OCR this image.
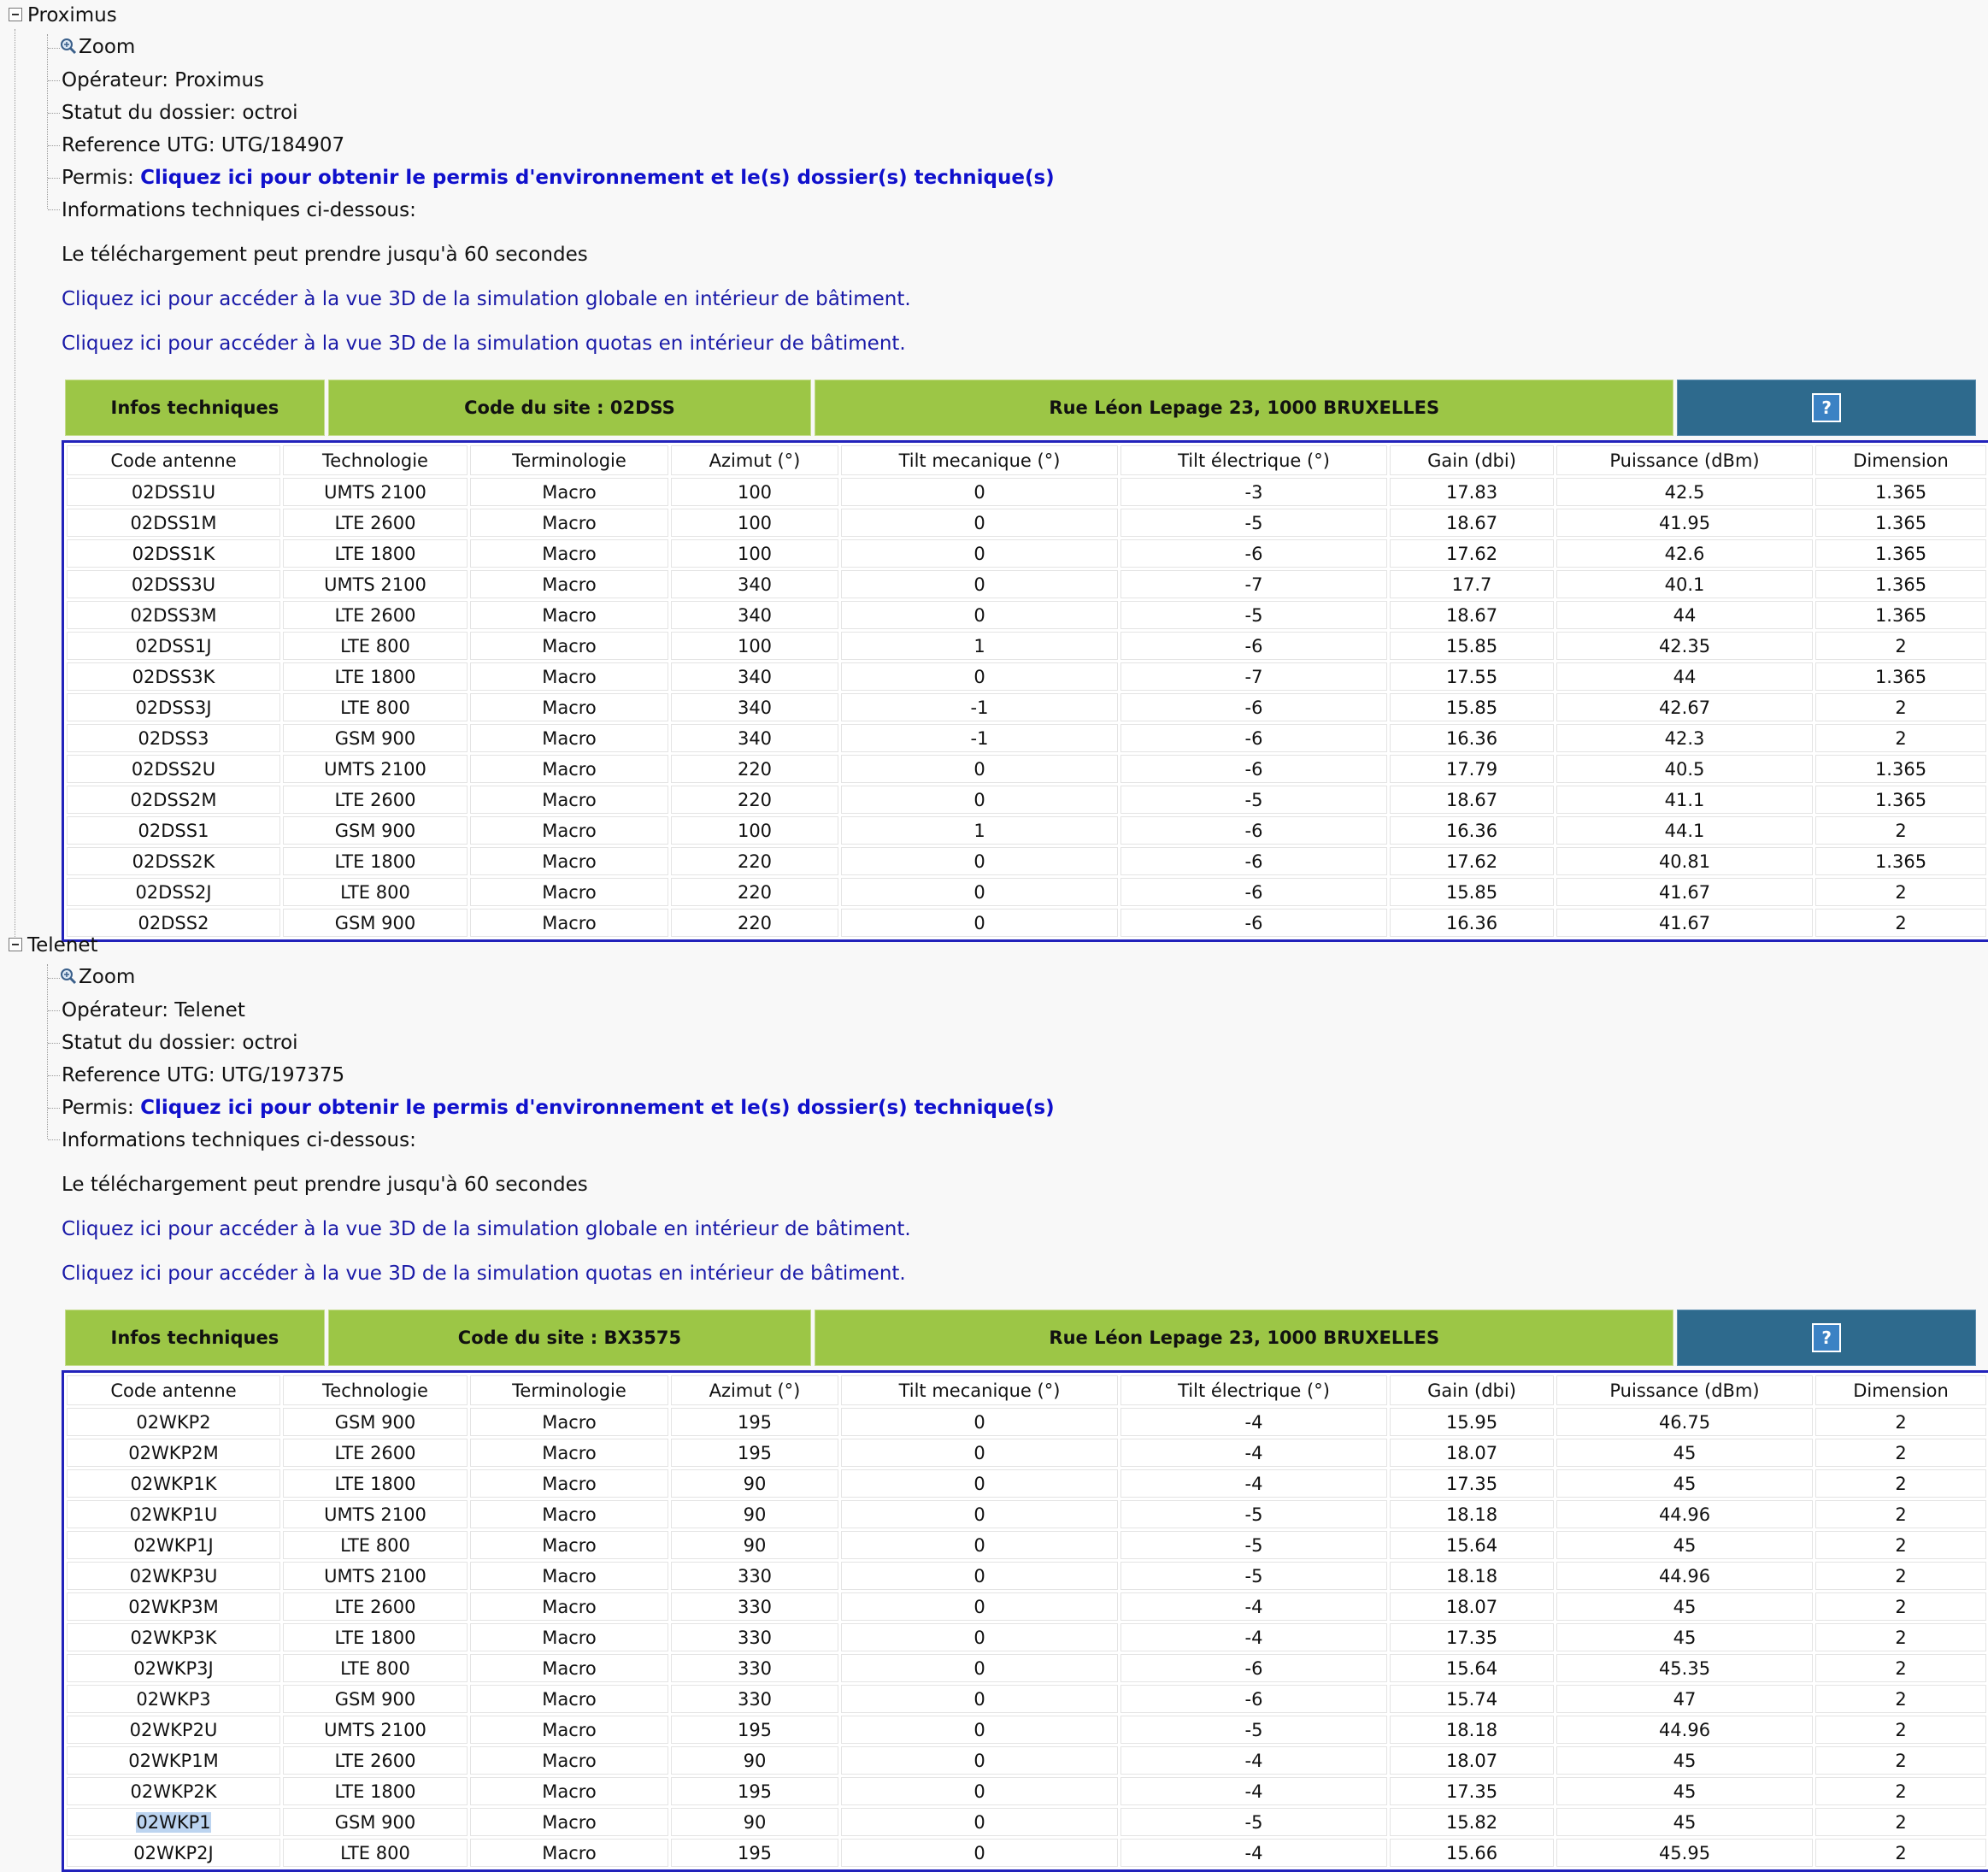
Proximus
Zoom
Opérateur: Proximus
Statut du dossier: octroi
Reference UTG: UTG/184907
Permis: Cliquez ici pour obtenir le permis d'environnement et le(s) dossier(s) technique(s)
Informations techniques ci-dessous:
Le téléchargement peut prendre jusqu'à 60 secondes
Cliquez ici pour accéder à la vue 3D de la simulation globale en intérieur de bâtiment.
Cliquez ici pour accéder à la vue 3D de la simulation quotas en intérieur de bâtiment.
Infos techniques	Code du site : 02DSS	Rue Léon Lepage 23, 1000 BRUXELLES	?
Code antenne	Technologie	Terminologie	Azimut (°)	Tilt mecanique (°)	Tilt électrique (°)	Gain (dbi)	Puissance (dBm)	Dimension
02DSS1U	UMTS 2100	Macro	100	0	-3	17.83	42.5	1.365
02DSS1M	LTE 2600	Macro	100	0	-5	18.67	41.95	1.365
02DSS1K	LTE 1800	Macro	100	0	-6	17.62	42.6	1.365
02DSS3U	UMTS 2100	Macro	340	0	-7	17.7	40.1	1.365
02DSS3M	LTE 2600	Macro	340	0	-5	18.67	44	1.365
02DSS1J	LTE 800	Macro	100	1	-6	15.85	42.35	2
02DSS3K	LTE 1800	Macro	340	0	-7	17.55	44	1.365
02DSS3J	LTE 800	Macro	340	-1	-6	15.85	42.67	2
02DSS3	GSM 900	Macro	340	-1	-6	16.36	42.3	2
02DSS2U	UMTS 2100	Macro	220	0	-6	17.79	40.5	1.365
02DSS2M	LTE 2600	Macro	220	0	-5	18.67	41.1	1.365
02DSS1	GSM 900	Macro	100	1	-6	16.36	44.1	2
02DSS2K	LTE 1800	Macro	220	0	-6	17.62	40.81	1.365
02DSS2J	LTE 800	Macro	220	0	-6	15.85	41.67	2
02DSS2	GSM 900	Macro	220	0	-6	16.36	41.67	2
Telenet
Zoom
Opérateur: Telenet
Statut du dossier: octroi
Reference UTG: UTG/197375
Permis: Cliquez ici pour obtenir le permis d'environnement et le(s) dossier(s) technique(s)
Informations techniques ci-dessous:
Le téléchargement peut prendre jusqu'à 60 secondes
Cliquez ici pour accéder à la vue 3D de la simulation globale en intérieur de bâtiment.
Cliquez ici pour accéder à la vue 3D de la simulation quotas en intérieur de bâtiment.
Infos techniques	Code du site : BX3575	Rue Léon Lepage 23, 1000 BRUXELLES	?
Code antenne	Technologie	Terminologie	Azimut (°)	Tilt mecanique (°)	Tilt électrique (°)	Gain (dbi)	Puissance (dBm)	Dimension
02WKP2	GSM 900	Macro	195	0	-4	15.95	46.75	2
02WKP2M	LTE 2600	Macro	195	0	-4	18.07	45	2
02WKP1K	LTE 1800	Macro	90	0	-4	17.35	45	2
02WKP1U	UMTS 2100	Macro	90	0	-5	18.18	44.96	2
02WKP1J	LTE 800	Macro	90	0	-5	15.64	45	2
02WKP3U	UMTS 2100	Macro	330	0	-5	18.18	44.96	2
02WKP3M	LTE 2600	Macro	330	0	-4	18.07	45	2
02WKP3K	LTE 1800	Macro	330	0	-4	17.35	45	2
02WKP3J	LTE 800	Macro	330	0	-6	15.64	45.35	2
02WKP3	GSM 900	Macro	330	0	-6	15.74	47	2
02WKP2U	UMTS 2100	Macro	195	0	-5	18.18	44.96	2
02WKP1M	LTE 2600	Macro	90	0	-4	18.07	45	2
02WKP2K	LTE 1800	Macro	195	0	-4	17.35	45	2
02WKP1	GSM 900	Macro	90	0	-5	15.82	45	2
02WKP2J	LTE 800	Macro	195	0	-4	15.66	45.95	2
